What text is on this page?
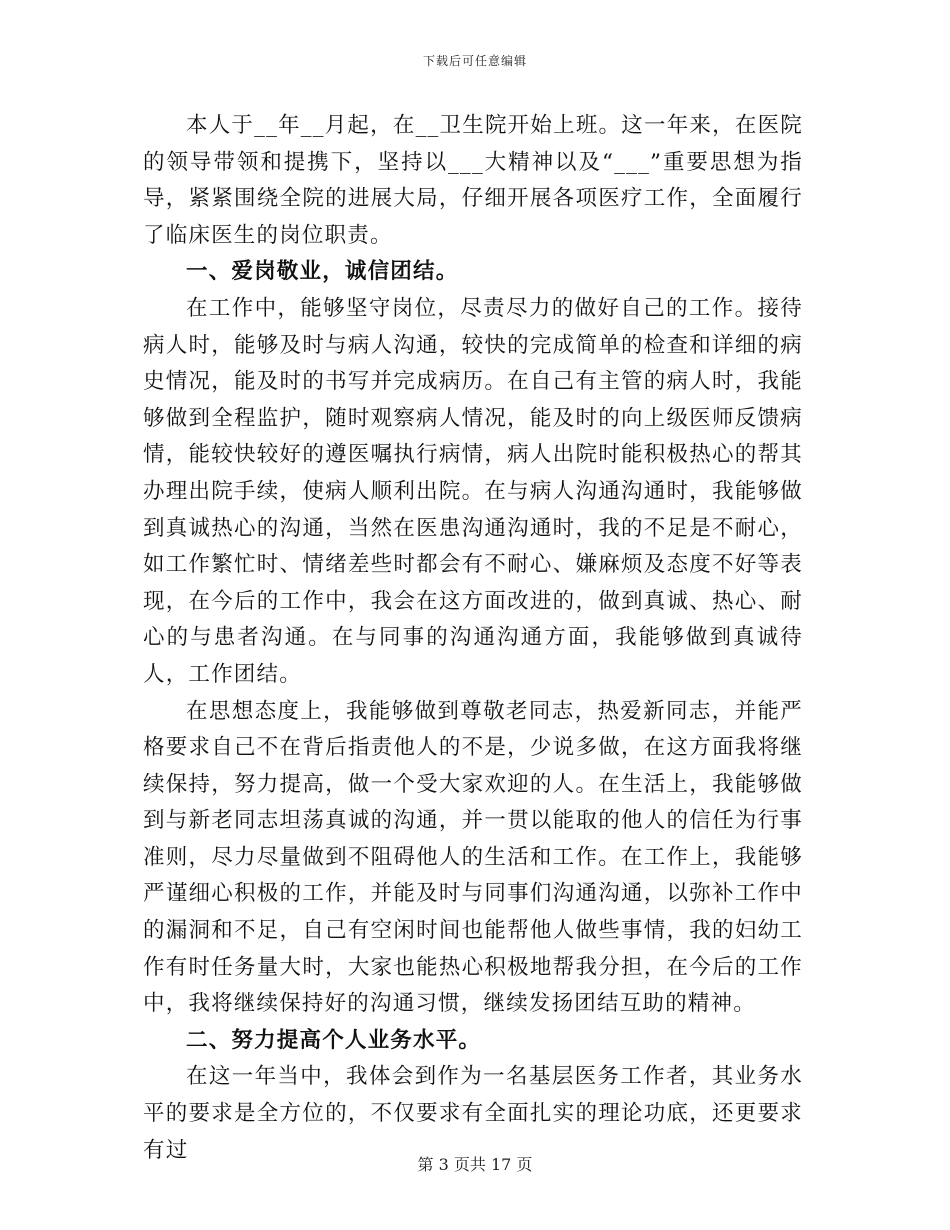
下载后可任意编辑

本人于__年__月起，在__卫生院开始上班。这一年来，在医院的领导带领和提携下，坚持以___大精神以及“___”重要思想为指导，紧紧围绕全院的进展大局，仔细开展各项医疗工作，全面履行了临床医生的岗位职责。

一、爱岗敬业，诚信团结。

在工作中，能够坚守岗位，尽责尽力的做好自己的工作。接待病人时，能够及时与病人沟通，较快的完成简单的检查和详细的病史情况，能及时的书写并完成病历。在自己有主管的病人时，我能够做到全程监护，随时观察病人情况，能及时的向上级医师反馈病情，能较快较好的遵医嘱执行病情，病人出院时能积极热心的帮其办理出院手续，使病人顺利出院。在与病人沟通沟通时，我能够做到真诚热心的沟通，当然在医患沟通沟通时，我的不足是不耐心，如工作繁忙时、情绪差些时都会有不耐心、嫌麻烦及态度不好等表现，在今后的工作中，我会在这方面改进的，做到真诚、热心、耐心的与患者沟通。在与同事的沟通沟通方面，我能够做到真诚待人，工作团结。

在思想态度上，我能够做到尊敬老同志，热爱新同志，并能严格要求自己不在背后指责他人的不是，少说多做，在这方面我将继续保持，努力提高，做一个受大家欢迎的人。在生活上，我能够做到与新老同志坦荡真诚的沟通，并一贯以能取的他人的信任为行事准则，尽力尽量做到不阻碍他人的生活和工作。在工作上，我能够严谨细心积极的工作，并能及时与同事们沟通沟通，以弥补工作中的漏洞和不足，自己有空闲时间也能帮他人做些事情，我的妇幼工作有时任务量大时，大家也能热心积极地帮我分担，在今后的工作中，我将继续保持好的沟通习惯，继续发扬团结互助的精神。

二、努力提高个人业务水平。

在这一年当中，我体会到作为一名基层医务工作者，其业务水平的要求是全方位的，不仅要求有全面扎实的理论功底，还更要求有过

第 3 页共 17 页
